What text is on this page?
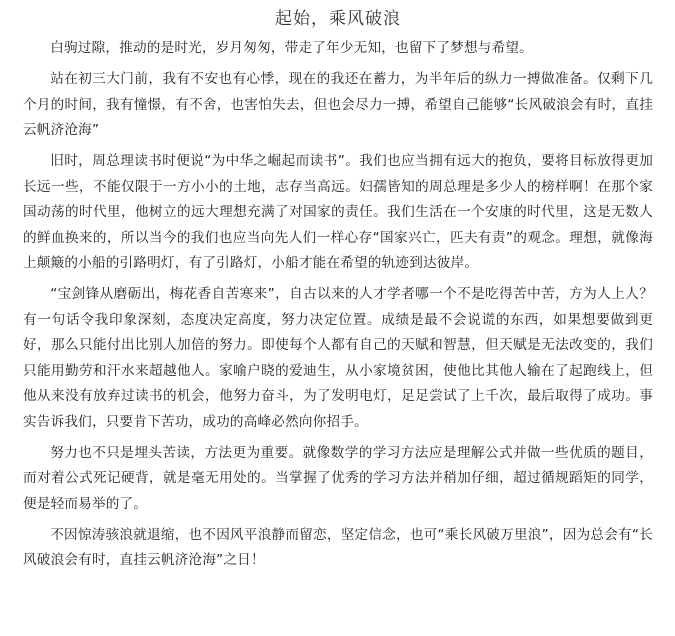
起始，乘风破浪

白驹过隙，推动的是时光，岁月匆匆，带走了年少无知，也留下了梦想与希望。

站在初三大门前，我有不安也有心悸，现在的我还在蓄力，为半年后的纵力一搏做准备。仅剩下几个月的时间，我有憧憬，有不舍，也害怕失去，但也会尽力一搏，希望自己能够“长风破浪会有时，直挂云帆济沧海”

旧时，周总理读书时便说“为中华之崛起而读书”。我们也应当拥有远大的抱负，要将目标放得更加长远一些，不能仅限于一方小小的土地，志存当高远。妇孺皆知的周总理是多少人的榜样啊！在那个家国动荡的时代里，他树立的远大理想充满了对国家的责任。我们生活在一个安康的时代里，这是无数人的鲜血换来的，所以当今的我们也应当向先人们一样心存“国家兴亡，匹夫有责”的观念。理想，就像海上颠簸的小船的引路明灯，有了引路灯，小船才能在希望的轨迹到达彼岸。

“宝剑锋从磨砺出，梅花香自苦寒来”，自古以来的人才学者哪一个不是吃得苦中苦，方为人上人？有一句话令我印象深刻，态度决定高度，努力决定位置。成绩是最不会说谎的东西，如果想要做到更好，那么只能付出比别人加倍的努力。即使每个人都有自己的天赋和智慧，但天赋是无法改变的，我们只能用勤劳和汗水来超越他人。家喻户晓的爱迪生，从小家境贫困，使他比其他人输在了起跑线上，但他从来没有放弃过读书的机会，他努力奋斗，为了发明电灯，足足尝试了上千次，最后取得了成功。事实告诉我们，只要肯下苦功，成功的高峰必然向你招手。

努力也不只是埋头苦读，方法更为重要。就像数学的学习方法应是理解公式并做一些优质的题目，而对着公式死记硬背，就是毫无用处的。当掌握了优秀的学习方法并稍加仔细，超过循规蹈矩的同学，便是轻而易举的了。

不因惊涛骇浪就退缩，也不因风平浪静而留恋，坚定信念，也可“乘长风破万里浪”，因为总会有“长风破浪会有时，直挂云帆济沧海”之日！
